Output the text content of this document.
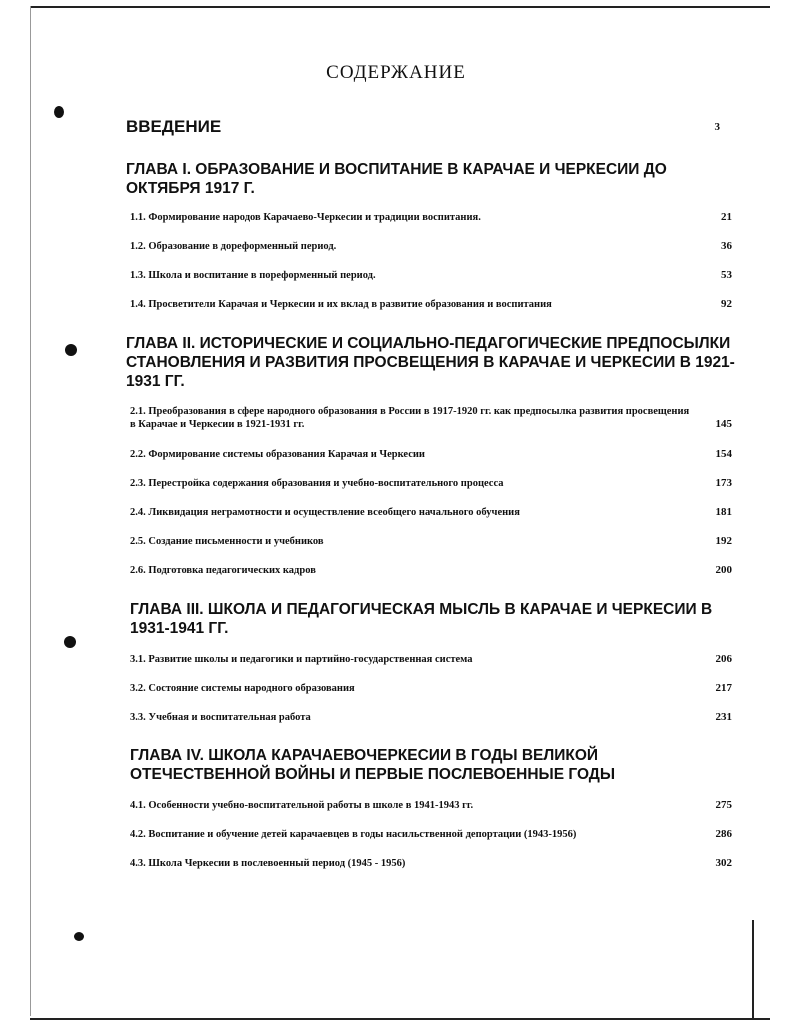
СОДЕРЖАНИЕ
ВВЕДЕНИЕ	3
ГЛАВА I. ОБРАЗОВАНИЕ И ВОСПИТАНИЕ В КАРАЧАЕ И ЧЕРКЕСИИ ДО ОКТЯБРЯ 1917 Г.
1.1. Формирование народов Карачаево-Черкесии и традиции воспитания.	21
1.2. Образование в дореформенный период.	36
1.3. Школа и воспитание в пореформенный период.	53
1.4. Просветители Карачая и Черкесии и их вклад в развитие образования и воспитания	92
ГЛАВА II. ИСТОРИЧЕСКИЕ И СОЦИАЛЬНО-ПЕДАГОГИЧЕСКИЕ ПРЕДПОСЫЛКИ СТАНОВЛЕНИЯ И РАЗВИТИЯ ПРОСВЕЩЕНИЯ В КАРАЧАЕ И ЧЕРКЕСИИ В 1921-1931 ГГ.
2.1. Преобразования в сфере народного образования в России в 1917-1920 гг. как предпосылка развития просвещения в Карачае и Черкесии в 1921-1931 гг.	145
2.2. Формирование системы образования Карачая и Черкесии	154
2.3. Перестройка содержания образования и учебно-воспитательного процесса	173
2.4. Ликвидация неграмотности и осуществление всеобщего начального обучения	181
2.5. Создание письменности и учебников	192
2.6. Подготовка педагогических кадров	200
ГЛАВА III. ШКОЛА И ПЕДАГОГИЧЕСКАЯ МЫСЛЬ В КАРАЧАЕ И ЧЕРКЕСИИ В 1931-1941 ГГ.
3.1. Развитие школы и педагогики и партийно-государственная система	206
3.2. Состояние системы народного образования	217
3.3. Учебная и воспитательная работа	231
ГЛАВА IV. ШКОЛА КАРАЧАЕВОЧЕРКЕСИИ В ГОДЫ ВЕЛИКОЙ ОТЕЧЕСТВЕННОЙ ВОЙНЫ И ПЕРВЫЕ ПОСЛЕВОЕННЫЕ ГОДЫ
4.1. Особенности учебно-воспитательной работы в школе в 1941-1943 гг.	275
4.2. Воспитание и обучение детей карачаевцев в годы насильственной депортации (1943-1956)	286
4.3. Школа Черкесии в послевоенный период (1945 - 1956)	302
